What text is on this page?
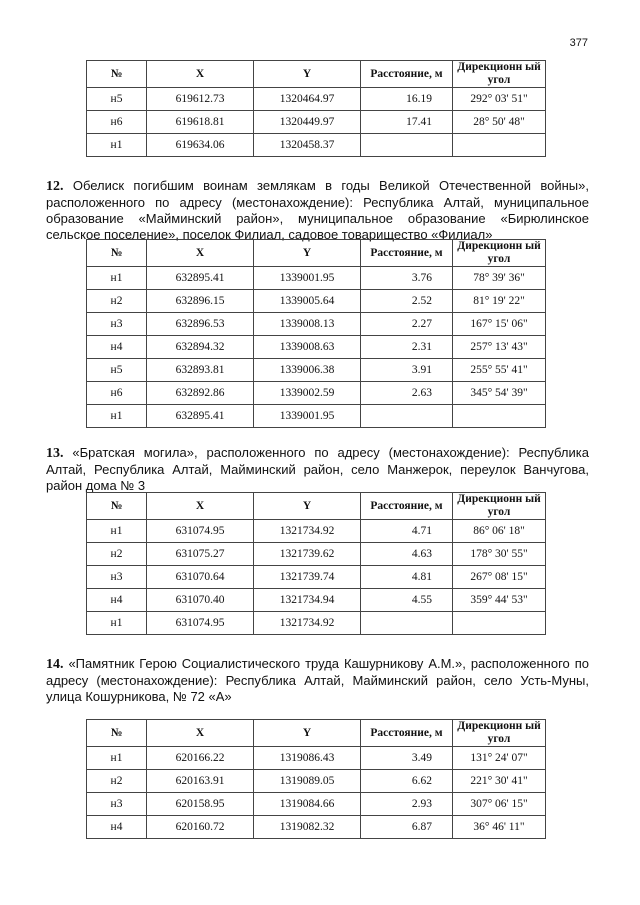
377
№	X	Y	Расстояние, м	Дирекционн ый угол
н5	619612.73	1320464.97	16.19	292° 03' 51"
н6	619618.81	1320449.97	17.41	28° 50' 48"
н1	619634.06	1320458.37		
12. Обелиск погибшим воинам землякам в годы Великой Отечественной войны», расположенного по адресу (местонахождение): Республика Алтай, муниципальное образование «Майминский район», муниципальное образование «Бирюлинское сельское поселение», поселок Филиал, садовое товарищество «Филиал»
№	X	Y	Расстояние, м	Дирекционн ый угол
н1	632895.41	1339001.95	3.76	78° 39' 36"
н2	632896.15	1339005.64	2.52	81° 19' 22"
н3	632896.53	1339008.13	2.27	167° 15' 06"
н4	632894.32	1339008.63	2.31	257° 13' 43"
н5	632893.81	1339006.38	3.91	255° 55' 41"
н6	632892.86	1339002.59	2.63	345° 54' 39"
н1	632895.41	1339001.95		
13. «Братская могила», расположенного по адресу (местонахождение): Республика Алтай, Республика Алтай, Майминский район, село Манжерок, переулок Ванчугова, район дома № 3
№	X	Y	Расстояние, м	Дирекционн ый угол
н1	631074.95	1321734.92	4.71	86° 06' 18"
н2	631075.27	1321739.62	4.63	178° 30' 55"
н3	631070.64	1321739.74	4.81	267° 08' 15"
н4	631070.40	1321734.94	4.55	359° 44' 53"
н1	631074.95	1321734.92		
14. «Памятник Герою Социалистического труда Кашурникову А.М.», расположенного по адресу (местонахождение): Республика Алтай, Майминский район, село Усть-Муны, улица Кошурникова, № 72 «А»
№	X	Y	Расстояние, м	Дирекционн ый угол
н1	620166.22	1319086.43	3.49	131° 24' 07"
н2	620163.91	1319089.05	6.62	221° 30' 41"
н3	620158.95	1319084.66	2.93	307° 06' 15"
н4	620160.72	1319082.32	6.87	36° 46' 11"
